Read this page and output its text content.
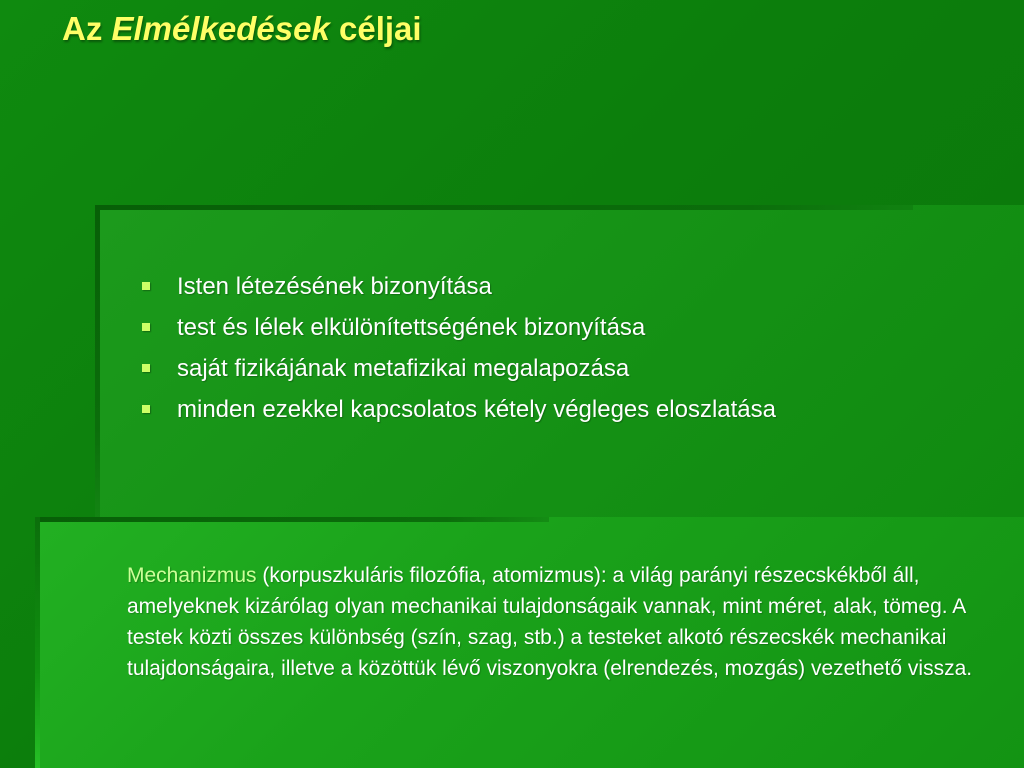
Az Elmélkedések céljai
Isten létezésének bizonyítása
test és lélek elkülönítettségének bizonyítása
saját fizikájának metafizikai megalapozása
minden ezekkel kapcsolatos kétely végleges eloszlatása

Mechanizmus (korpuszkuláris filozófia, atomizmus): a világ parányi részecskékből áll, amelyeknek kizárólag olyan mechanikai tulajdonságaik vannak, mint méret, alak, tömeg. A testek közti összes különbség (szín, szag, stb.) a testeket alkotó részecskék mechanikai tulajdonságaira, illetve a közöttük lévő viszonyokra (elrendezés, mozgás) vezethető vissza.
